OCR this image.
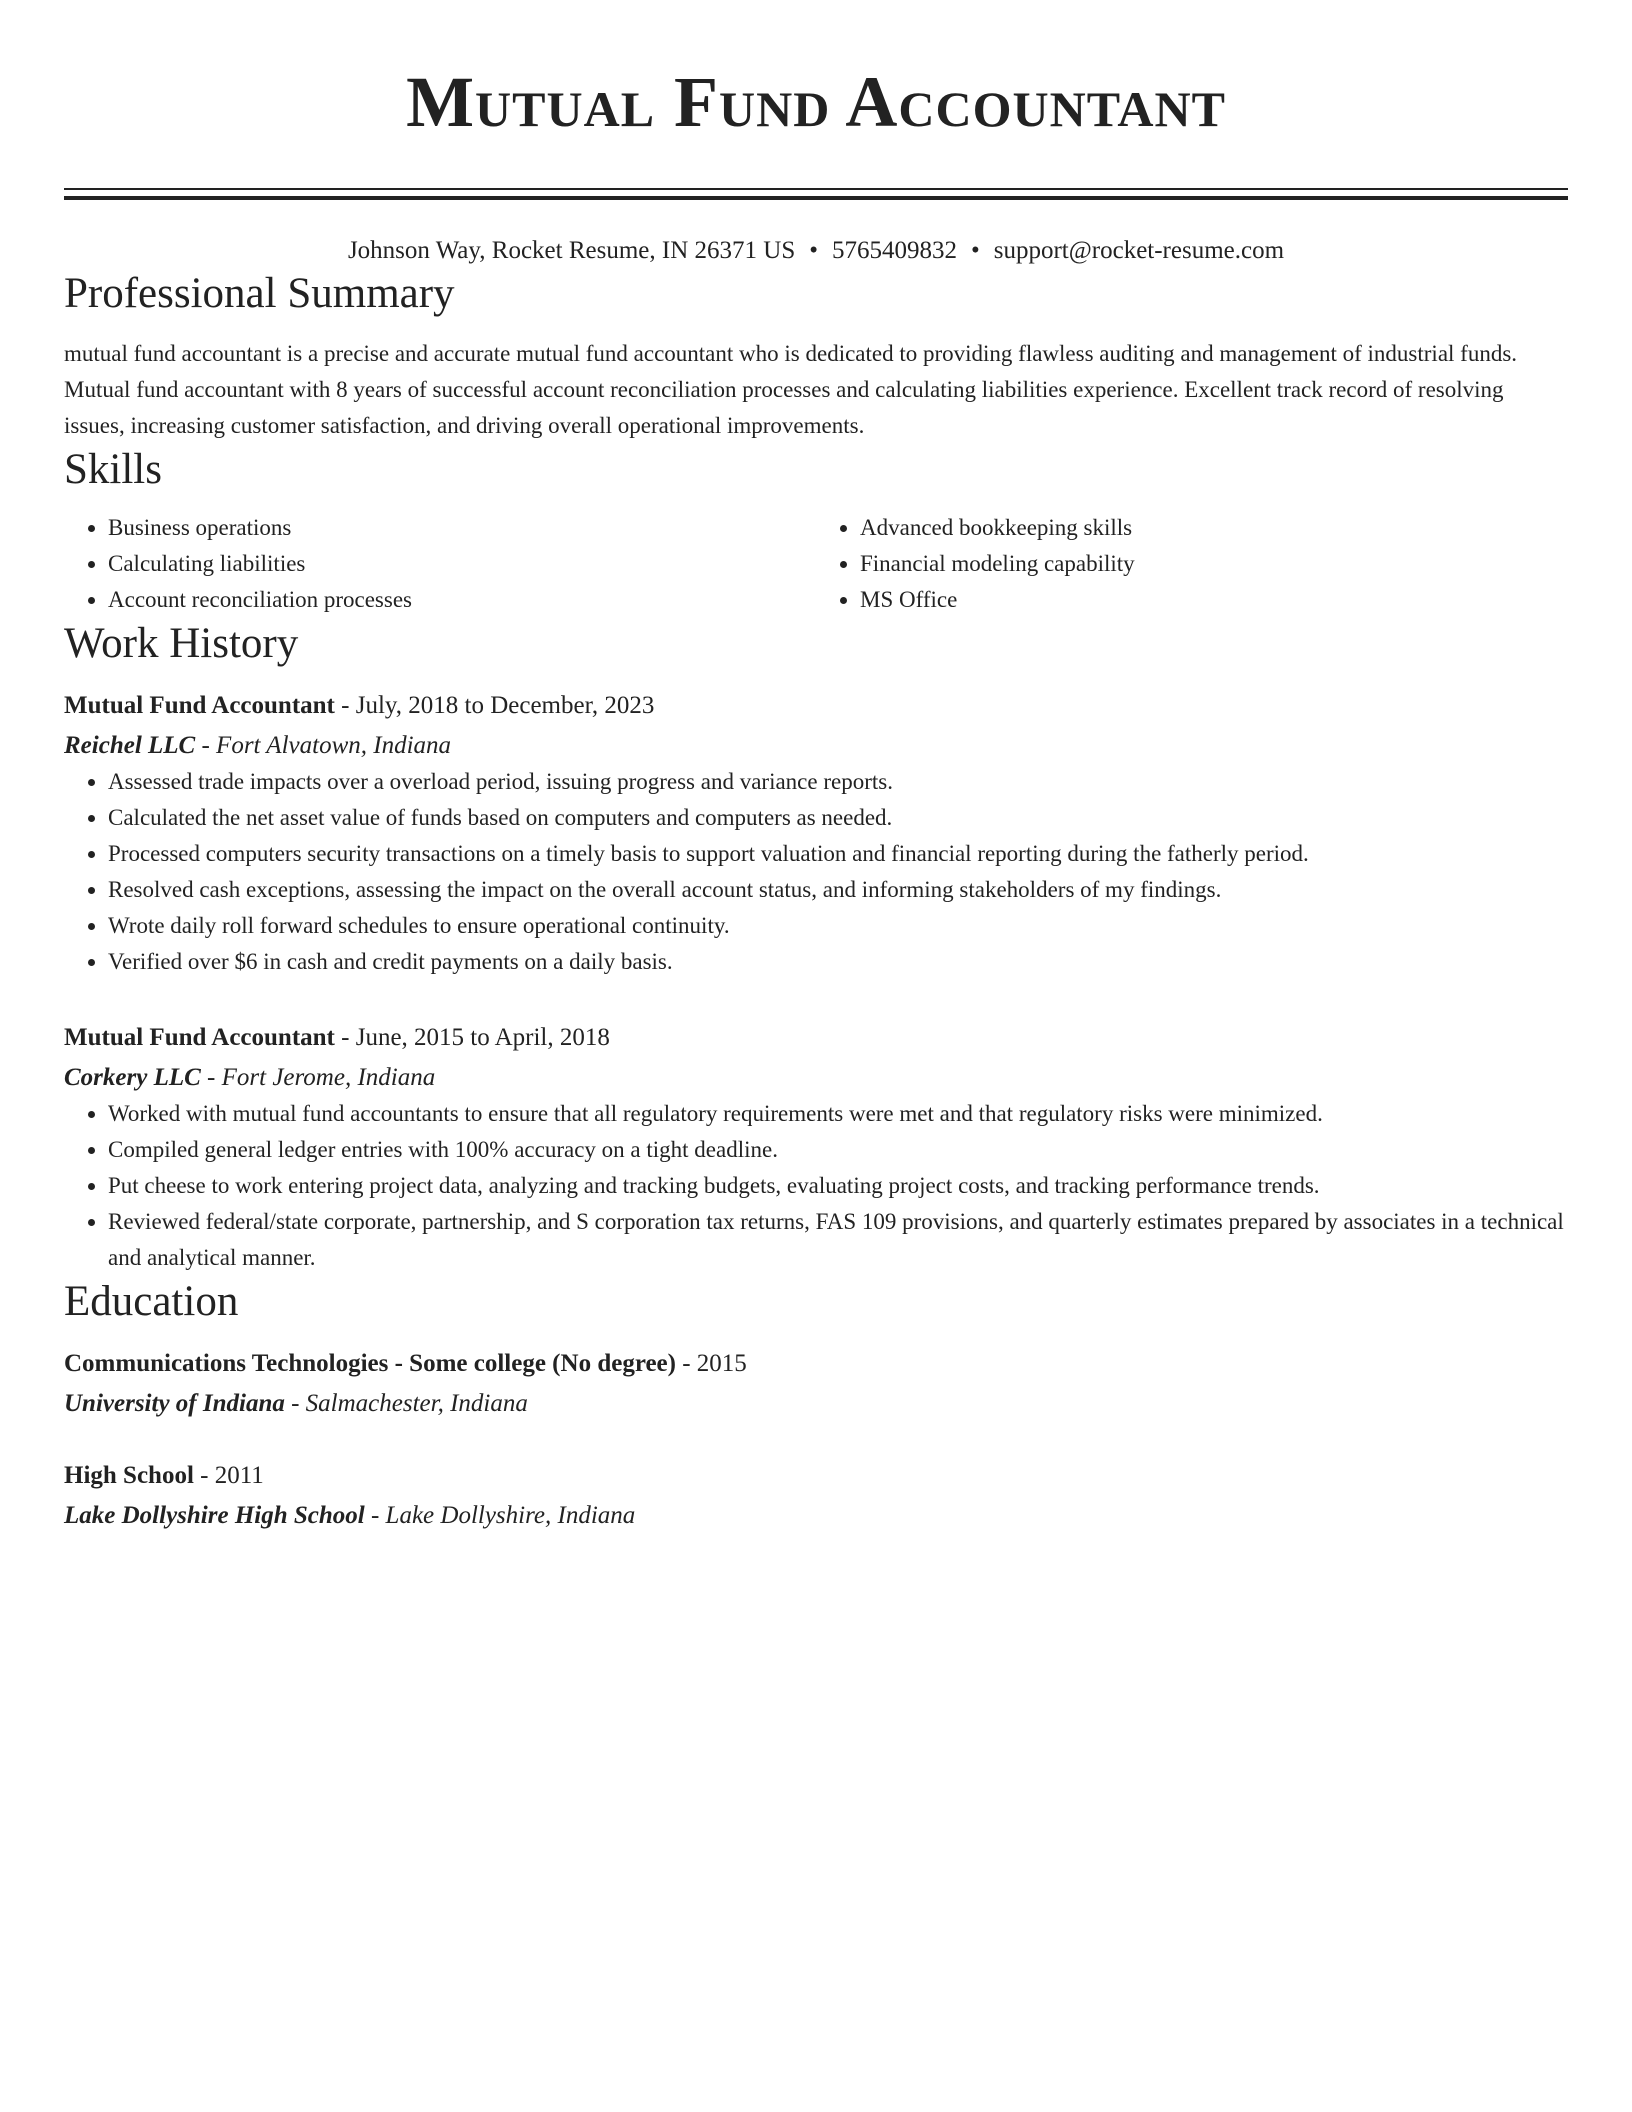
Mutual Fund Accountant
Johnson Way, Rocket Resume, IN 26371 US • 5765409832 • support@rocket-resume.com
Professional Summary

mutual fund accountant is a precise and accurate mutual fund accountant who is dedicated to providing flawless auditing and management of industrial funds. Mutual fund accountant with 8 years of successful account reconciliation processes and calculating liabilities experience. Excellent track record of resolving issues, increasing customer satisfaction, and driving overall operational improvements.

Skills
• Business operations
• Calculating liabilities
• Account reconciliation processes
• Advanced bookkeeping skills
• Financial modeling capability
• MS Office
Work History
Mutual Fund Accountant - July, 2018 to December, 2023
Reichel LLC - Fort Alvatown, Indiana
• Assessed trade impacts over a overload period, issuing progress and variance reports.
• Calculated the net asset value of funds based on computers and computers as needed.
• Processed computers security transactions on a timely basis to support valuation and financial reporting during the fatherly period.
• Resolved cash exceptions, assessing the impact on the overall account status, and informing stakeholders of my findings.
• Wrote daily roll forward schedules to ensure operational continuity.
• Verified over $6 in cash and credit payments on a daily basis.
Mutual Fund Accountant - June, 2015 to April, 2018
Corkery LLC - Fort Jerome, Indiana
• Worked with mutual fund accountants to ensure that all regulatory requirements were met and that regulatory risks were minimized.
• Compiled general ledger entries with 100% accuracy on a tight deadline.
• Put cheese to work entering project data, analyzing and tracking budgets, evaluating project costs, and tracking performance trends.
• Reviewed federal/state corporate, partnership, and S corporation tax returns, FAS 109 provisions, and quarterly estimates prepared by associates in a technical and analytical manner.
Education
Communications Technologies - Some college (No degree) - 2015
University of Indiana - Salmachester, Indiana
High School - 2011
Lake Dollyshire High School - Lake Dollyshire, Indiana
